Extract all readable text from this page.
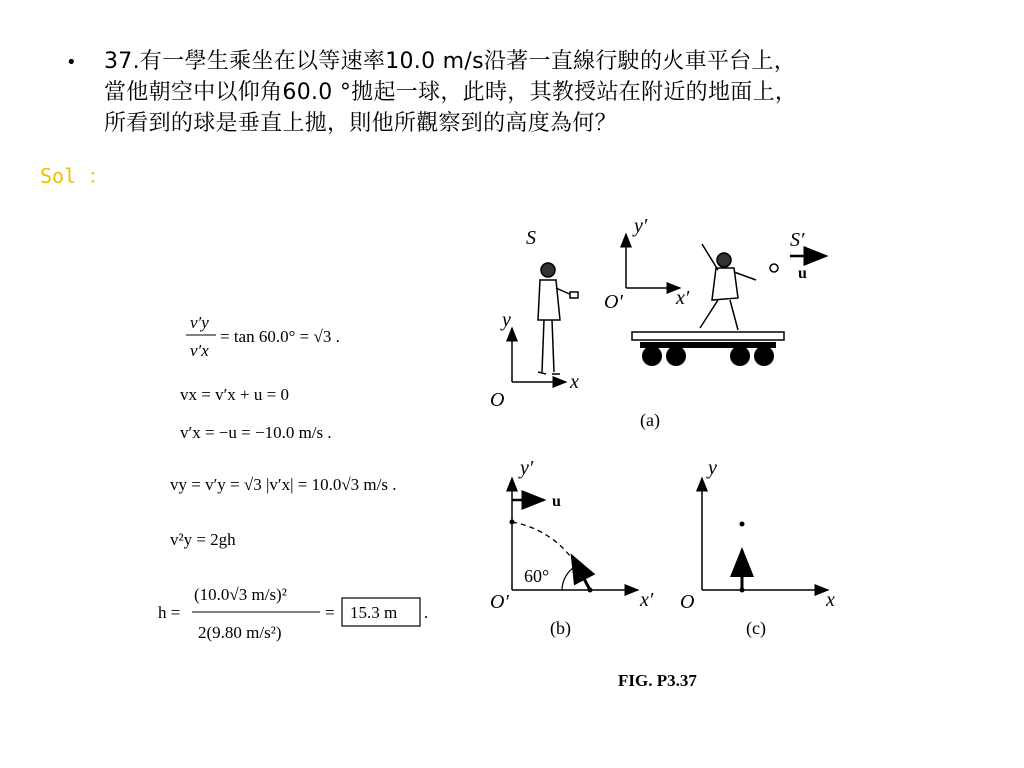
• 37.有一學生乘坐在以等速率10.0 m/s沿著一直線行駛的火車平台上，
當他朝空中以仰角60.0 °拋起一球，此時，其教授站在附近的地面上，
所看到的球是垂直上拋，則他所觀察到的高度為何？
Sol ：
v′y
v′x
= tan 60.0° = √3 .
vx = v′x + u = 0
v′x = −u = −10.0 m/s .
vy = v′y = √3 |v′x| = 10.0√3 m/s .
v²y = 2gh
h =
(10.0√3 m/s)²
2(9.80 m/s²)
= 15.3 m .
S
y
x
O
y′
x′
O′
S′
u
(a)
y′
x′
O′
u
60°
(b)
y
x
O
(c)
FIG. P3.37
